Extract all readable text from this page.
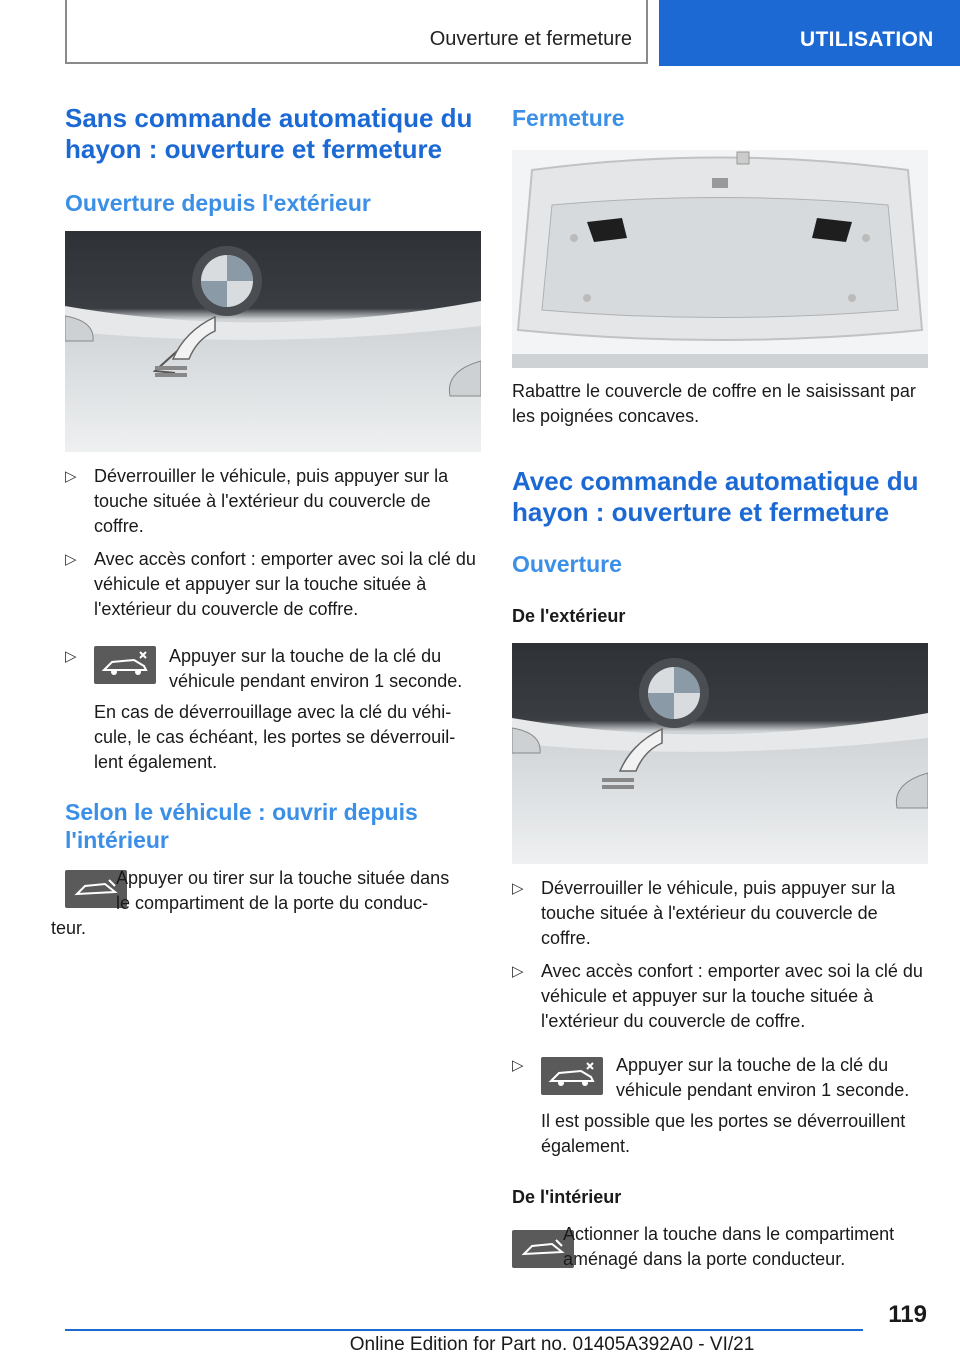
Ouverture et fermeture	UTILISATION
Sans commande automatique du hayon : ouverture et fermeture
Ouverture depuis l'extérieur
▷ Déverrouiller le véhicule, puis appuyer sur la touche située à l'extérieur du couvercle de coffre.
▷ Avec accès confort : emporter avec soi la clé du véhicule et appuyer sur la touche située à l'extérieur du couvercle de coffre.
▷	Appuyer sur la touche de la clé du véhicule pendant environ 1 seconde.

En cas de déverrouillage avec la clé du véhi-cule, le cas échéant, les portes se déverrouil-lent également.

Selon le véhicule : ouvrir depuis l'intérieur

Appuyer ou tirer sur la touche située dans

le compartiment de la porte du conduc-

teur.

Fermeture

Rabattre le couvercle de coffre en le saisissant par les poignées concaves.

Avec commande automatique du hayon : ouverture et fermeture
Ouverture
De l'extérieur
▷ Déverrouiller le véhicule, puis appuyer sur la touche située à l'extérieur du couvercle de coffre.
▷ Avec accès confort : emporter avec soi la clé du véhicule et appuyer sur la touche située à l'extérieur du couvercle de coffre.
▷	Appuyer sur la touche de la clé du véhicule pendant environ 1 seconde.

Il est possible que les portes se déverrouillent également.

De l'intérieur

Actionner la touche dans le compartiment aménagé dans la porte conducteur.

119
Online Edition for Part no. 01405A392A0 - VI/21
